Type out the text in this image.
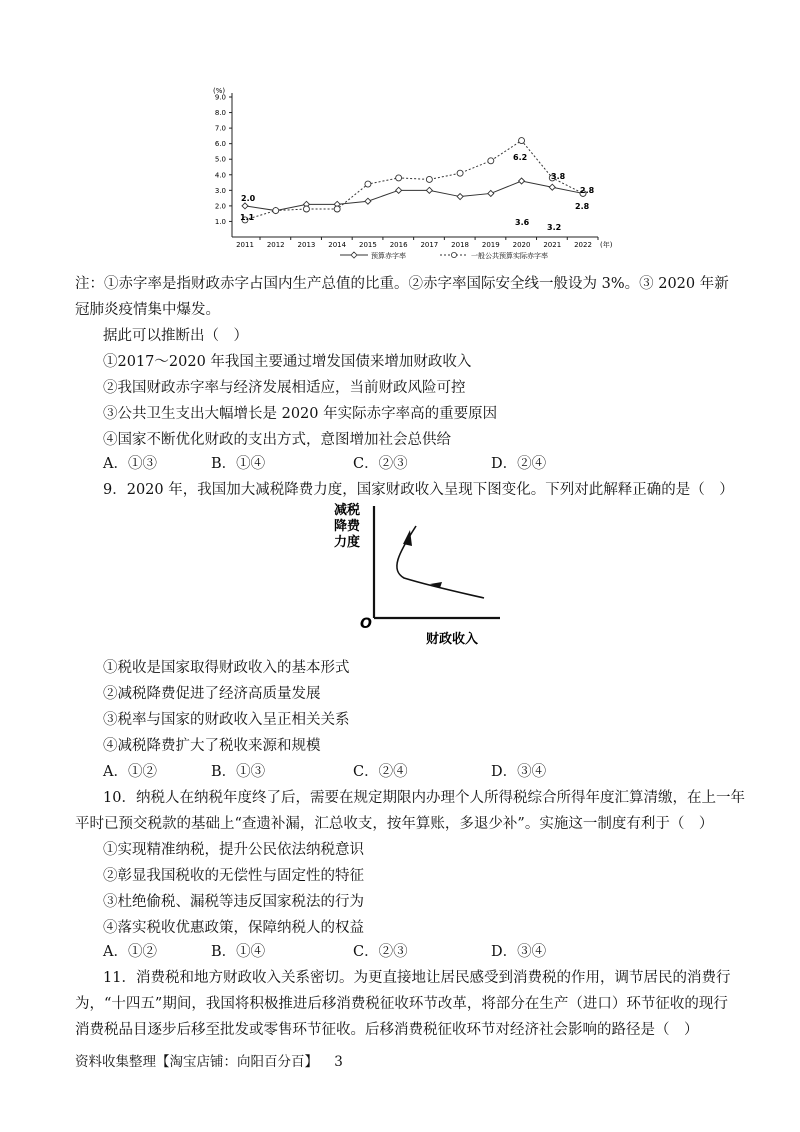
(%)
(年)
1.0
2.0
3.0
4.0
5.0
6.0
7.0
8.0
9.0
2011 2012 2013 2014 2015 2016 2017 2018 2019 2020 2021 2022
2.0
1.1
6.2
3.8
2.8
3.6
3.2
2.8
预算赤字率	一般公共预算实际赤字率
注：①赤字率是指财政赤字占国内生产总值的比重。②赤字率国际安全线一般设为 3%。③ 2020 年新
冠肺炎疫情集中爆发。
据此可以推断出（　）
①2017～2020 年我国主要通过增发国债来增加财政收入
②我国财政赤字率与经济发展相适应，当前财政风险可控
③公共卫生支出大幅增长是 2020 年实际赤字率高的重要原因
④国家不断优化财政的支出方式，意图增加社会总供给
A．①③	B．①④	C．②③	D．②④
9．2020 年，我国加大减税降费力度，国家财政收入呈现下图变化。下列对此解释正确的是（　）
减税
降费
力度
O
财政收入
①税收是国家取得财政收入的基本形式
②减税降费促进了经济高质量发展
③税率与国家的财政收入呈正相关关系
④减税降费扩大了税收来源和规模
A．①②	B．①③	C．②④	D．③④
10．纳税人在纳税年度终了后，需要在规定期限内办理个人所得税综合所得年度汇算清缴，在上一年
平时已预交税款的基础上“查遗补漏，汇总收支，按年算账，多退少补”。实施这一制度有利于（　）
①实现精准纳税，提升公民依法纳税意识
②彰显我国税收的无偿性与固定性的特征
③杜绝偷税、漏税等违反国家税法的行为
④落实税收优惠政策，保障纳税人的权益
A．①②	B．①④	C．②③	D．③④
11．消费税和地方财政收入关系密切。为更直接地让居民感受到消费税的作用，调节居民的消费行
为，“十四五”期间，我国将积极推进后移消费税征收环节改革，将部分在生产（进口）环节征收的现行
消费税品目逐步后移至批发或零售环节征收。后移消费税征收环节对经济社会影响的路径是（　）
资料收集整理【淘宝店铺：向阳百分百】 3
